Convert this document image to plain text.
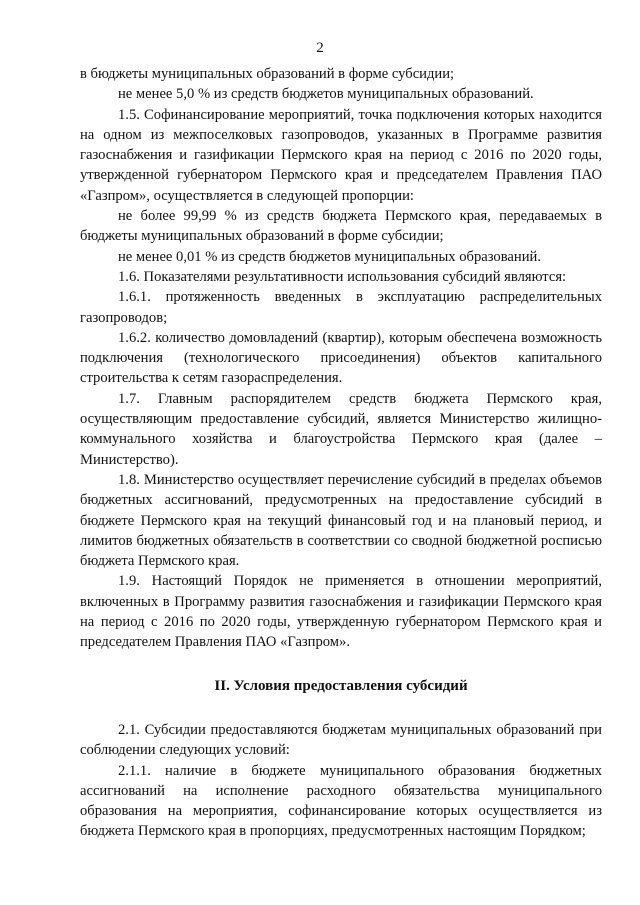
2

в бюджеты муниципальных образований в форме субсидии;

не менее 5,0 % из средств бюджетов муниципальных образований.

1.5. Софинансирование мероприятий, точка подключения которых находится на одном из межпоселковых газопроводов, указанных в Программе развития газоснабжения и газификации Пермского края на период с 2016 по 2020 годы, утвержденной губернатором Пермского края и председателем Правления ПАО «Газпром», осуществляется в следующей пропорции:

не более 99,99 % из средств бюджета Пермского края, передаваемых в бюджеты муниципальных образований в форме субсидии;

не менее 0,01 % из средств бюджетов муниципальных образований.

1.6. Показателями результативности использования субсидий являются:

1.6.1. протяженность введенных в эксплуатацию распределительных газопроводов;

1.6.2. количество домовладений (квартир), которым обеспечена возможность подключения (технологического присоединения) объектов капитального строительства к сетям газораспределения.

1.7. Главным распорядителем средств бюджета Пермского края, осуществляющим предоставление субсидий, является Министерство жилищно-коммунального хозяйства и благоустройства Пермского края (далее – Министерство).

1.8. Министерство осуществляет перечисление субсидий в пределах объемов бюджетных ассигнований, предусмотренных на предоставление субсидий в бюджете Пермского края на текущий финансовый год и на плановый период, и лимитов бюджетных обязательств в соответствии со сводной бюджетной росписью бюджета Пермского края.

1.9. Настоящий Порядок не применяется в отношении мероприятий, включенных в Программу развития газоснабжения и газификации Пермского края на период с 2016 по 2020 годы, утвержденную губернатором Пермского края и председателем Правления ПАО «Газпром».

II. Условия предоставления субсидий

2.1. Субсидии предоставляются бюджетам муниципальных образований при соблюдении следующих условий:

2.1.1. наличие в бюджете муниципального образования бюджетных ассигнований на исполнение расходного обязательства муниципального образования на мероприятия, софинансирование которых осуществляется из бюджета Пермского края в пропорциях, предусмотренных настоящим Порядком;
